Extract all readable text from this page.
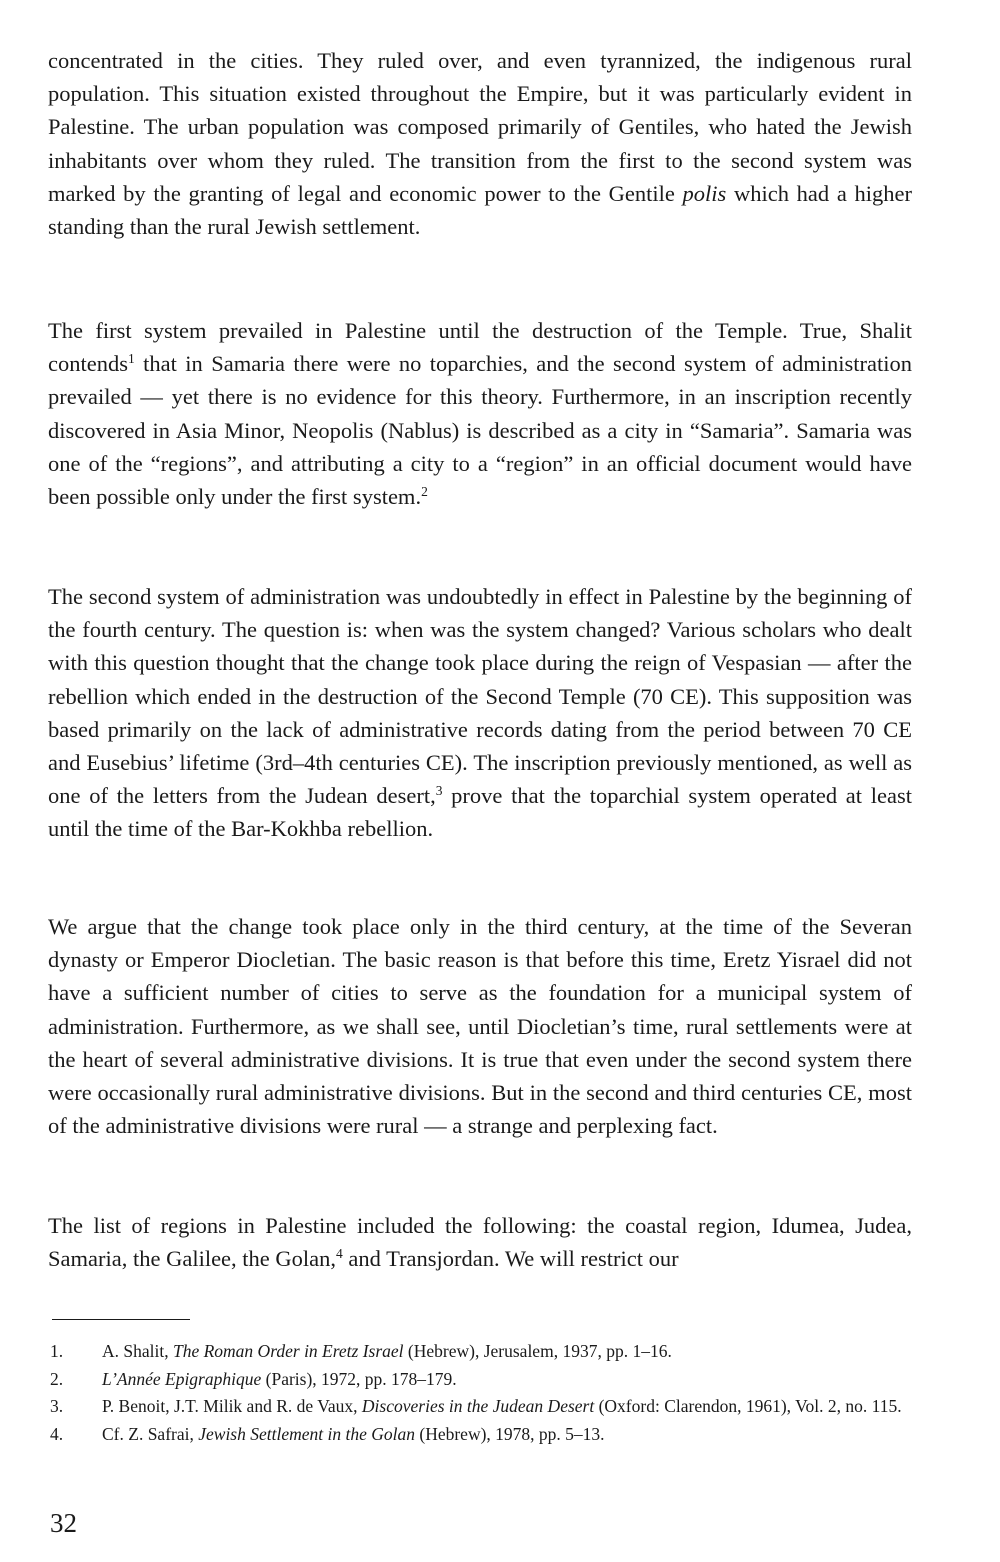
concentrated in the cities. They ruled over, and even tyrannized, the indigenous rural population. This situation existed throughout the Empire, but it was particularly evident in Palestine. The urban population was composed primarily of Gentiles, who hated the Jewish inhabitants over whom they ruled. The transition from the first to the second system was marked by the granting of legal and economic power to the Gentile polis which had a higher standing than the rural Jewish settlement.

The first system prevailed in Palestine until the destruction of the Temple. True, Shalit contends$^1$ that in Samaria there were no toparchies, and the second system of administration prevailed — yet there is no evidence for this theory. Furthermore, in an inscription recently discovered in Asia Minor, Neopolis (Nablus) is described as a city in “Samaria”. Samaria was one of the “regions”, and attributing a city to a “region” in an official document would have been possible only under the first system.$^2$

The second system of administration was undoubtedly in effect in Palestine by the beginning of the fourth century. The question is: when was the system changed? Various scholars who dealt with this question thought that the change took place during the reign of Vespasian — after the rebellion which ended in the destruction of the Second Temple (70 CE). This supposition was based primarily on the lack of administrative records dating from the period between 70 CE and Eusebius’ lifetime (3rd–4th centuries CE). The inscription previously mentioned, as well as one of the letters from the Judean desert,$^3$ prove that the toparchial system operated at least until the time of the Bar-Kokhba rebellion.

We argue that the change took place only in the third century, at the time of the Severan dynasty or Emperor Diocletian. The basic reason is that before this time, Eretz Yisrael did not have a sufficient number of cities to serve as the foundation for a municipal system of administration. Furthermore, as we shall see, until Diocletian’s time, rural settlements were at the heart of several administrative divisions. It is true that even under the second system there were occasionally rural administrative divisions. But in the second and third centuries CE, most of the administrative divisions were rural — a strange and perplexing fact.

The list of regions in Palestine included the following: the coastal region, Idumea, Judea, Samaria, the Galilee, the Golan,$^4$ and Transjordan. We will restrict our

1. A. Shalit, The Roman Order in Eretz Israel (Hebrew), Jerusalem, 1937, pp. 1–16.

2. L’Année Epigraphique (Paris), 1972, pp. 178–179.

3. P. Benoit, J.T. Milik and R. de Vaux, Discoveries in the Judean Desert (Oxford: Clarendon, 1961), Vol. 2, no. 115.

4. Cf. Z. Safrai, Jewish Settlement in the Golan (Hebrew), 1978, pp. 5–13.

32
